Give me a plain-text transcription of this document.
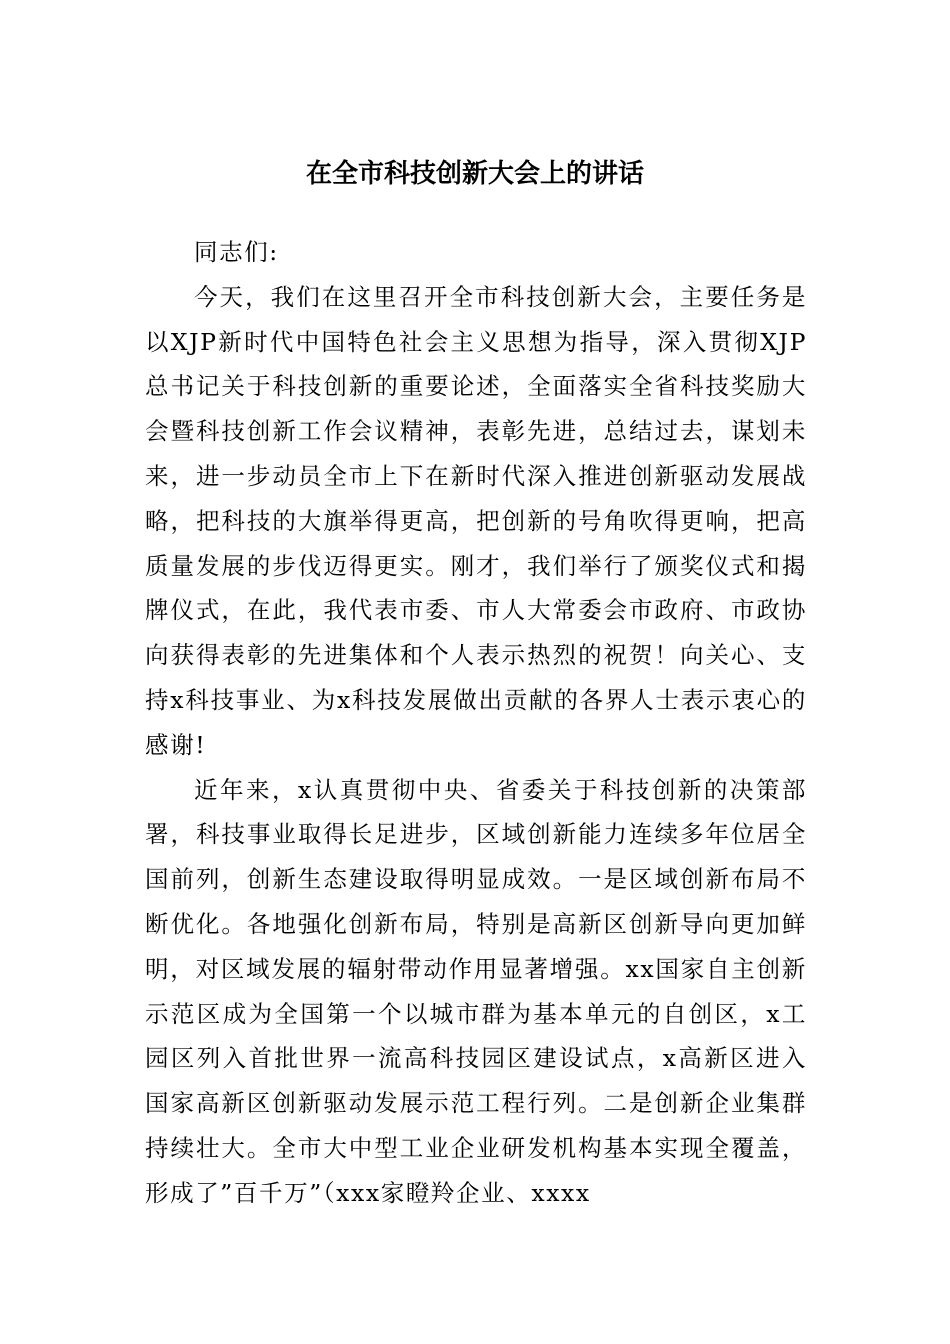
在全市科技创新大会上的讲话

同志们:

今天，我们在这里召开全市科技创新大会，主要任务是以XJP新时代中国特色社会主义思想为指导，深入贯彻XJP总书记关于科技创新的重要论述，全面落实全省科技奖励大会暨科技创新工作会议精神，表彰先进，总结过去，谋划未来，进一步动员全市上下在新时代深入推进创新驱动发展战略，把科技的大旗举得更高，把创新的号角吹得更响，把高质量发展的步伐迈得更实。刚才，我们举行了颁奖仪式和揭牌仪式，在此，我代表市委、市人大常委会市政府、市政协向获得表彰的先进集体和个人表示热烈的祝贺！向关心、支持x科技事业、为x科技发展做出贡献的各界人士表示衷心的感谢!

近年来，x认真贯彻中央、省委关于科技创新的决策部署，科技事业取得长足进步，区域创新能力连续多年位居全国前列，创新生态建设取得明显成效。一是区域创新布局不断优化。各地强化创新布局，特别是高新区创新导向更加鲜明，对区域发展的辐射带动作用显著增强。xx国家自主创新示范区成为全国第一个以城市群为基本单元的自创区，x工园区列入首批世界一流高科技园区建设试点，x高新区进入国家高新区创新驱动发展示范工程行列。二是创新企业集群持续壮大。全市大中型工业企业研发机构基本实现全覆盖，形成了”百千万”（xxx家瞪羚企业、xxxx
